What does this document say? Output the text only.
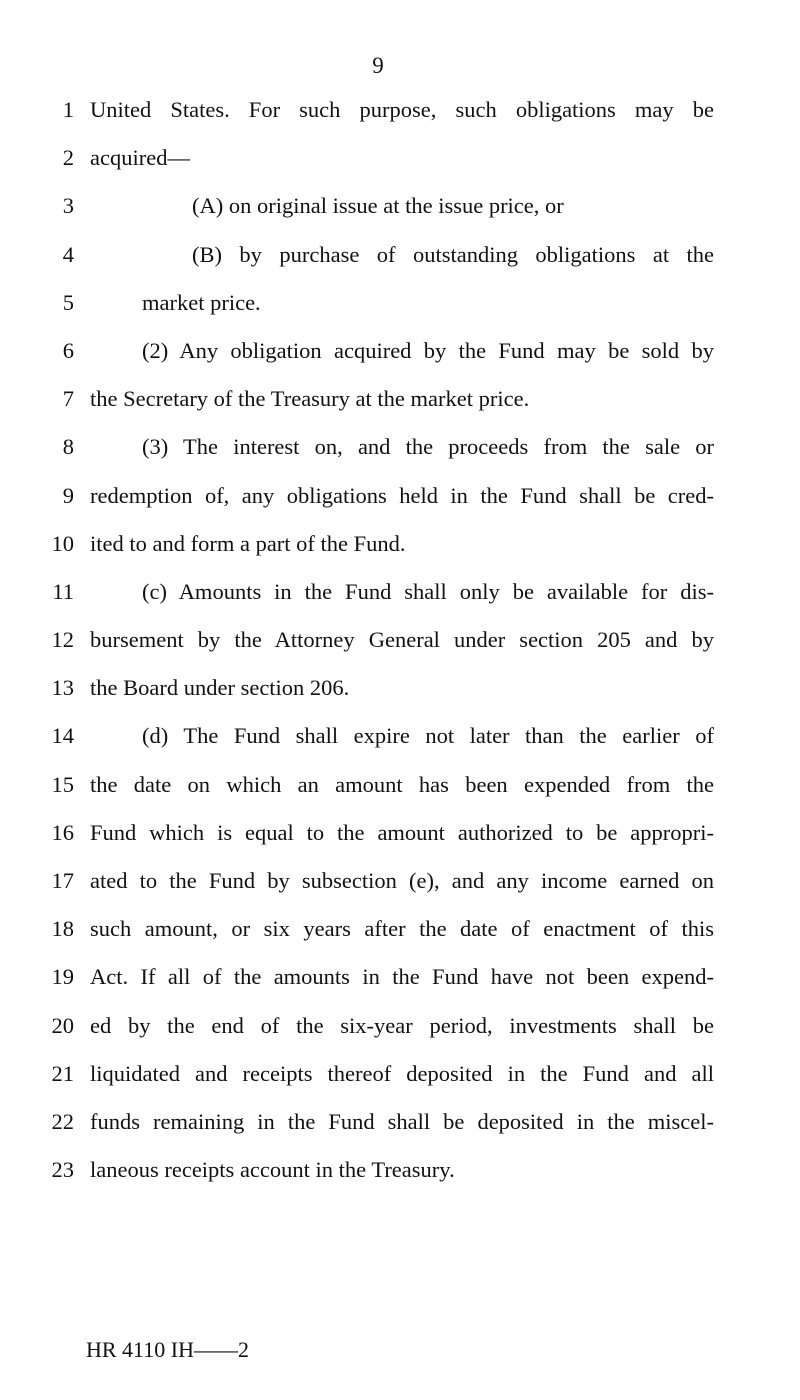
9
1 United States. For such purpose, such obligations may be
2 acquired—
3	(A) on original issue at the issue price, or
4	(B) by purchase of outstanding obligations at the
5	market price.
6	(2) Any obligation acquired by the Fund may be sold by
7 the Secretary of the Treasury at the market price.
8	(3) The interest on, and the proceeds from the sale or
9 redemption of, any obligations held in the Fund shall be cred-
10 ited to and form a part of the Fund.
11	(c) Amounts in the Fund shall only be available for dis-
12 bursement by the Attorney General under section 205 and by
13 the Board under section 206.
14	(d) The Fund shall expire not later than the earlier of
15 the date on which an amount has been expended from the
16 Fund which is equal to the amount authorized to be appropri-
17 ated to the Fund by subsection (e), and any income earned on
18 such amount, or six years after the date of enactment of this
19 Act. If all of the amounts in the Fund have not been expend-
20 ed by the end of the six-year period, investments shall be
21 liquidated and receipts thereof deposited in the Fund and all
22 funds remaining in the Fund shall be deposited in the miscel-
23 laneous receipts account in the Treasury.
HR 4110 IH——2
